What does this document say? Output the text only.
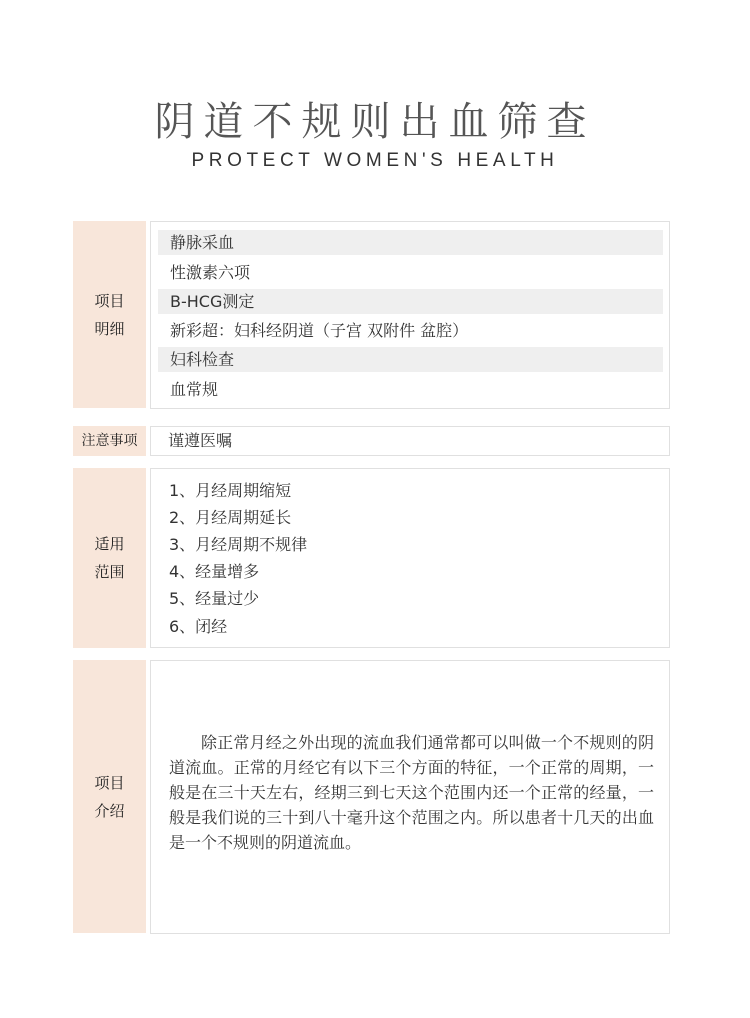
阴道不规则出血筛查
PROTECT WOMEN'S HEALTH
项目
明细
静脉采血
性激素六项
B-HCG测定
新彩超：妇科经阴道（子宫 双附件 盆腔）
妇科检查
血常规
注意事项 谨遵医嘱
适用
范围
1、月经周期缩短
2、月经周期延长
3、月经周期不规律
4、经量增多
5、经量过少
6、闭经
项目
介绍
除正常月经之外出现的流血我们通常都可以叫做一个不规则的阴道流血。正常的月经它有以下三个方面的特征，一个正常的周期，一般是在三十天左右，经期三到七天这个范围内还一个正常的经量，一般是我们说的三十到八十毫升这个范围之内。所以患者十几天的出血是一个不规则的阴道流血。
